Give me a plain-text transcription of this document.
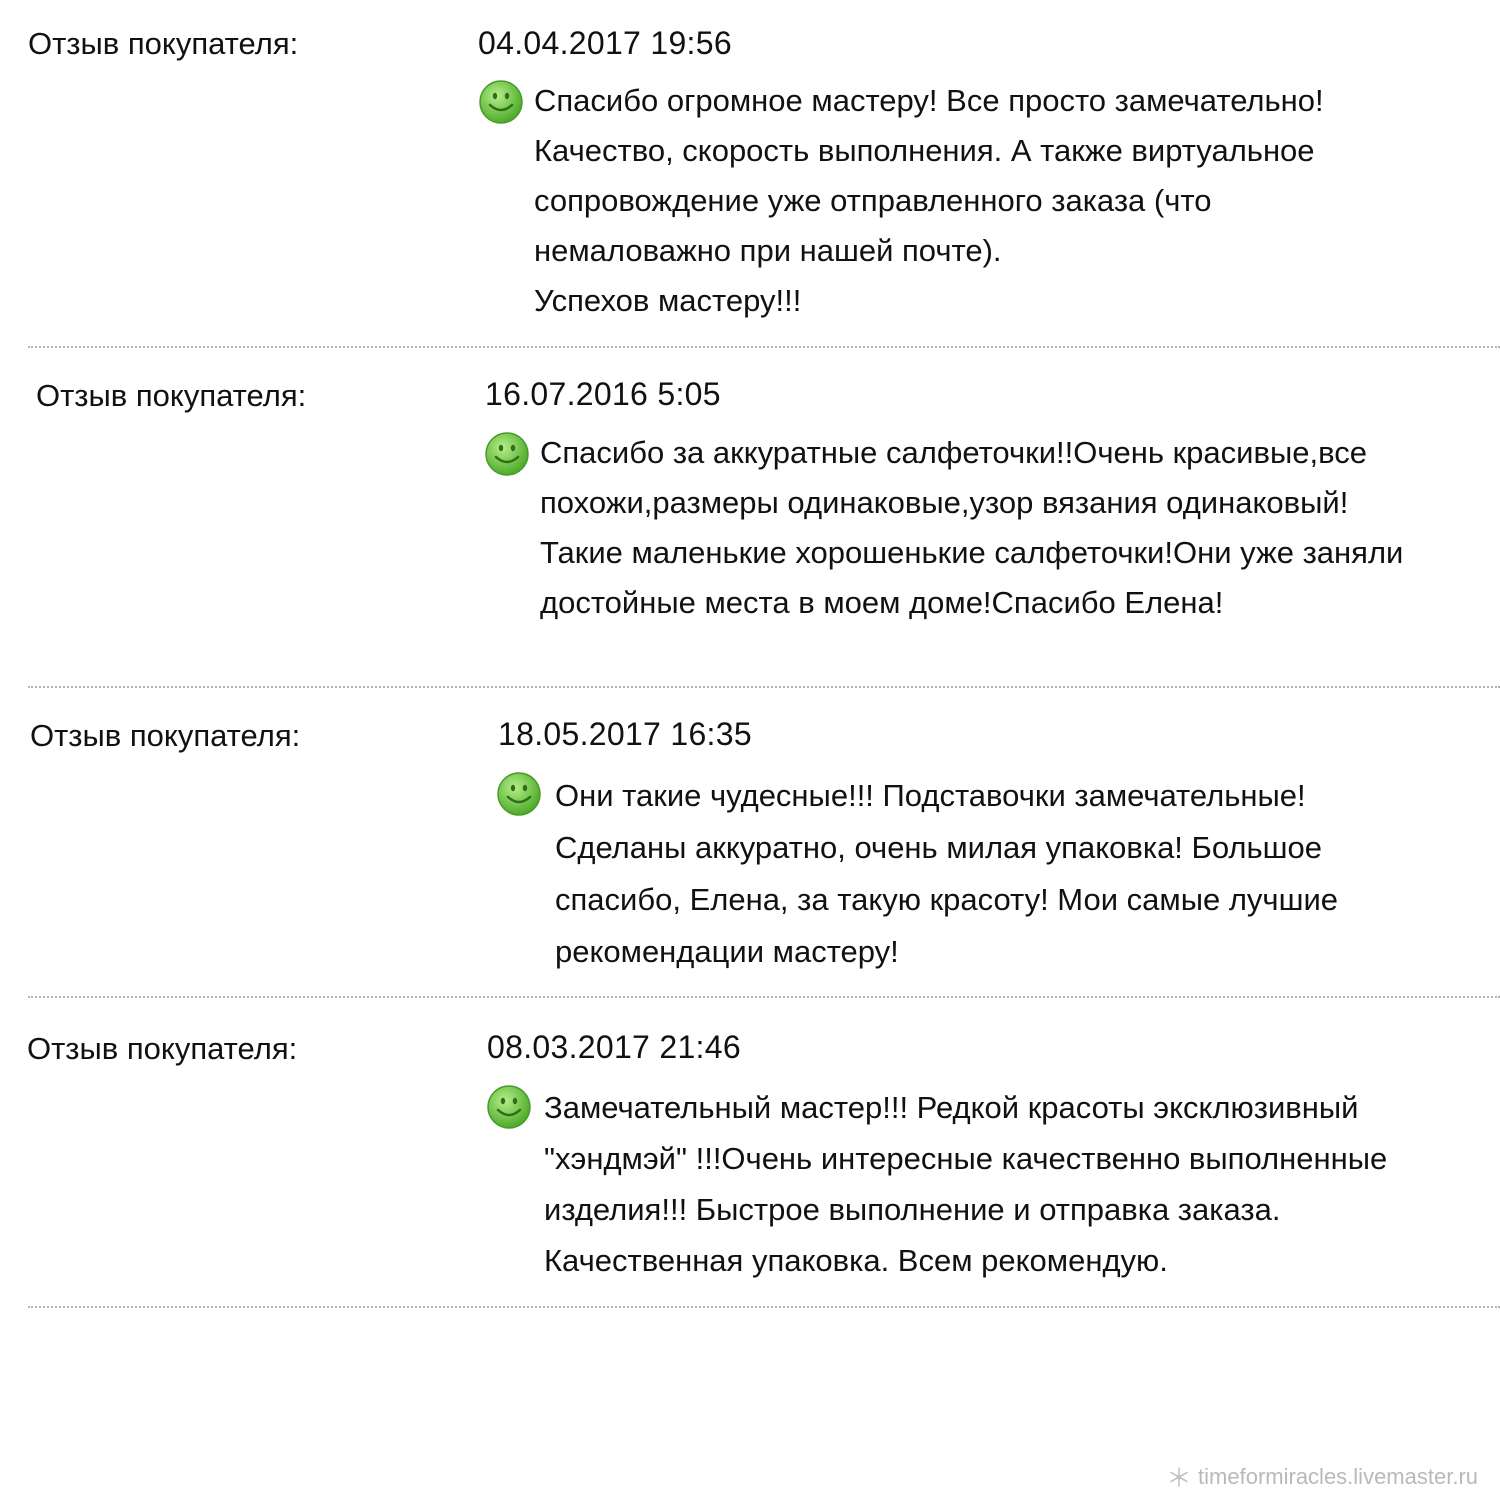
Отзыв покупателя:	04.04.2017 19:56
Спасибо огромное мастеру! Все просто замечательно!
Качество, скорость выполнения. А также виртуальное
сопровождение уже отправленного заказа (что
немаловажно при нашей почте).
Успехов мастеру!!!
Отзыв покупателя:	16.07.2016 5:05
Спасибо за аккуратные салфеточки!!Очень красивые,все
похожи,размеры одинаковые,узор вязания одинаковый!
Такие маленькие хорошенькие салфеточки!Они уже заняли
достойные места в моем доме!Спасибо Елена!
Отзыв покупателя:	18.05.2017 16:35
Они такие чудесные!!! Подставочки замечательные!
Сделаны аккуратно, очень милая упаковка! Большое
спасибо, Елена, за такую красоту! Мои самые лучшие
рекомендации мастеру!
Отзыв покупателя:	08.03.2017 21:46
Замечательный мастер!!! Редкой красоты эксклюзивный
"хэндмэй" !!!Очень интересные качественно выполненные
изделия!!! Быстрое выполнение и отправка заказа.
Качественная упаковка. Всем рекомендую.
timeformiracles.livemaster.ru
